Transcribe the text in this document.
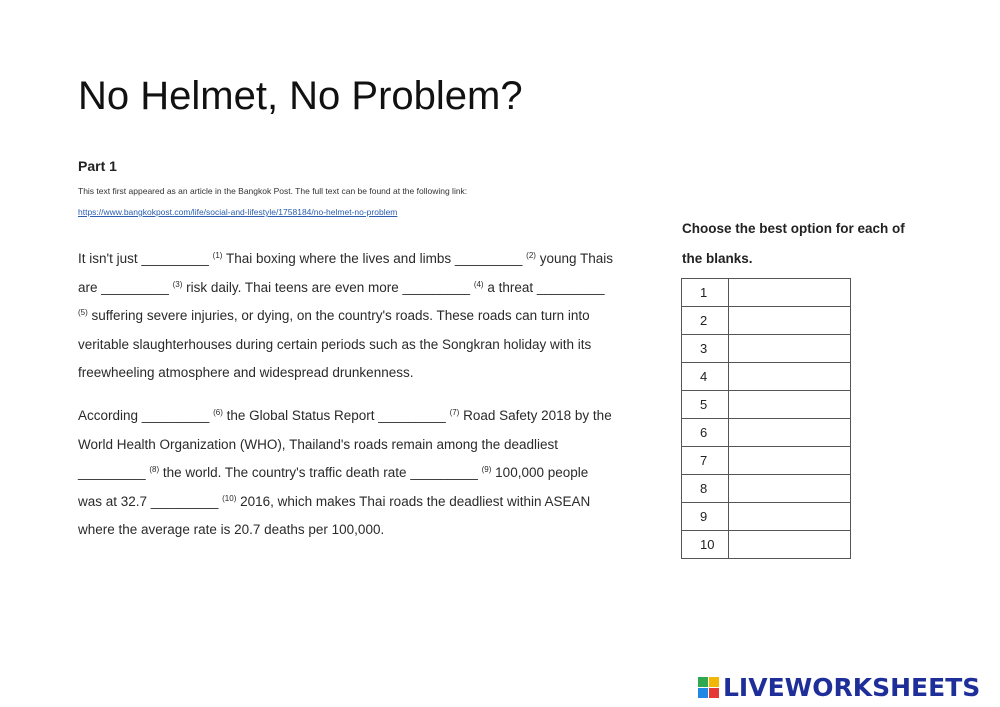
No Helmet, No Problem?
Part 1
This text first appeared as an article in the Bangkok Post. The full text can be found at the following link:
https://www.bangkokpost.com/life/social-and-lifestyle/1758184/no-helmet-no-problem
It isn't just _________ $^{(1)}$ Thai boxing where the lives and limbs _________ $^{(2)}$ young Thais
are _________ $^{(3)}$ risk daily. Thai teens are even more _________ $^{(4)}$ a threat _________
$^{(5)}$ suffering severe injuries, or dying, on the country's roads. These roads can turn into
veritable slaughterhouses during certain periods such as the Songkran holiday with its
freewheeling atmosphere and widespread drunkenness.
According _________ $^{(6)}$ the Global Status Report _________ $^{(7)}$ Road Safety 2018 by the
World Health Organization (WHO), Thailand's roads remain among the deadliest
_________ $^{(8)}$ the world. The country's traffic death rate _________ $^{(9)}$ 100,000 people
was at 32.7 _________ $^{(10)}$ 2016, which makes Thai roads the deadliest within ASEAN
where the average rate is 20.7 deaths per 100,000.
Choose the best option for each of
the blanks.
1	
2	
3	
4	
5	
6	
7	
8	
9	
10	
LIVEWORKSHEETS
